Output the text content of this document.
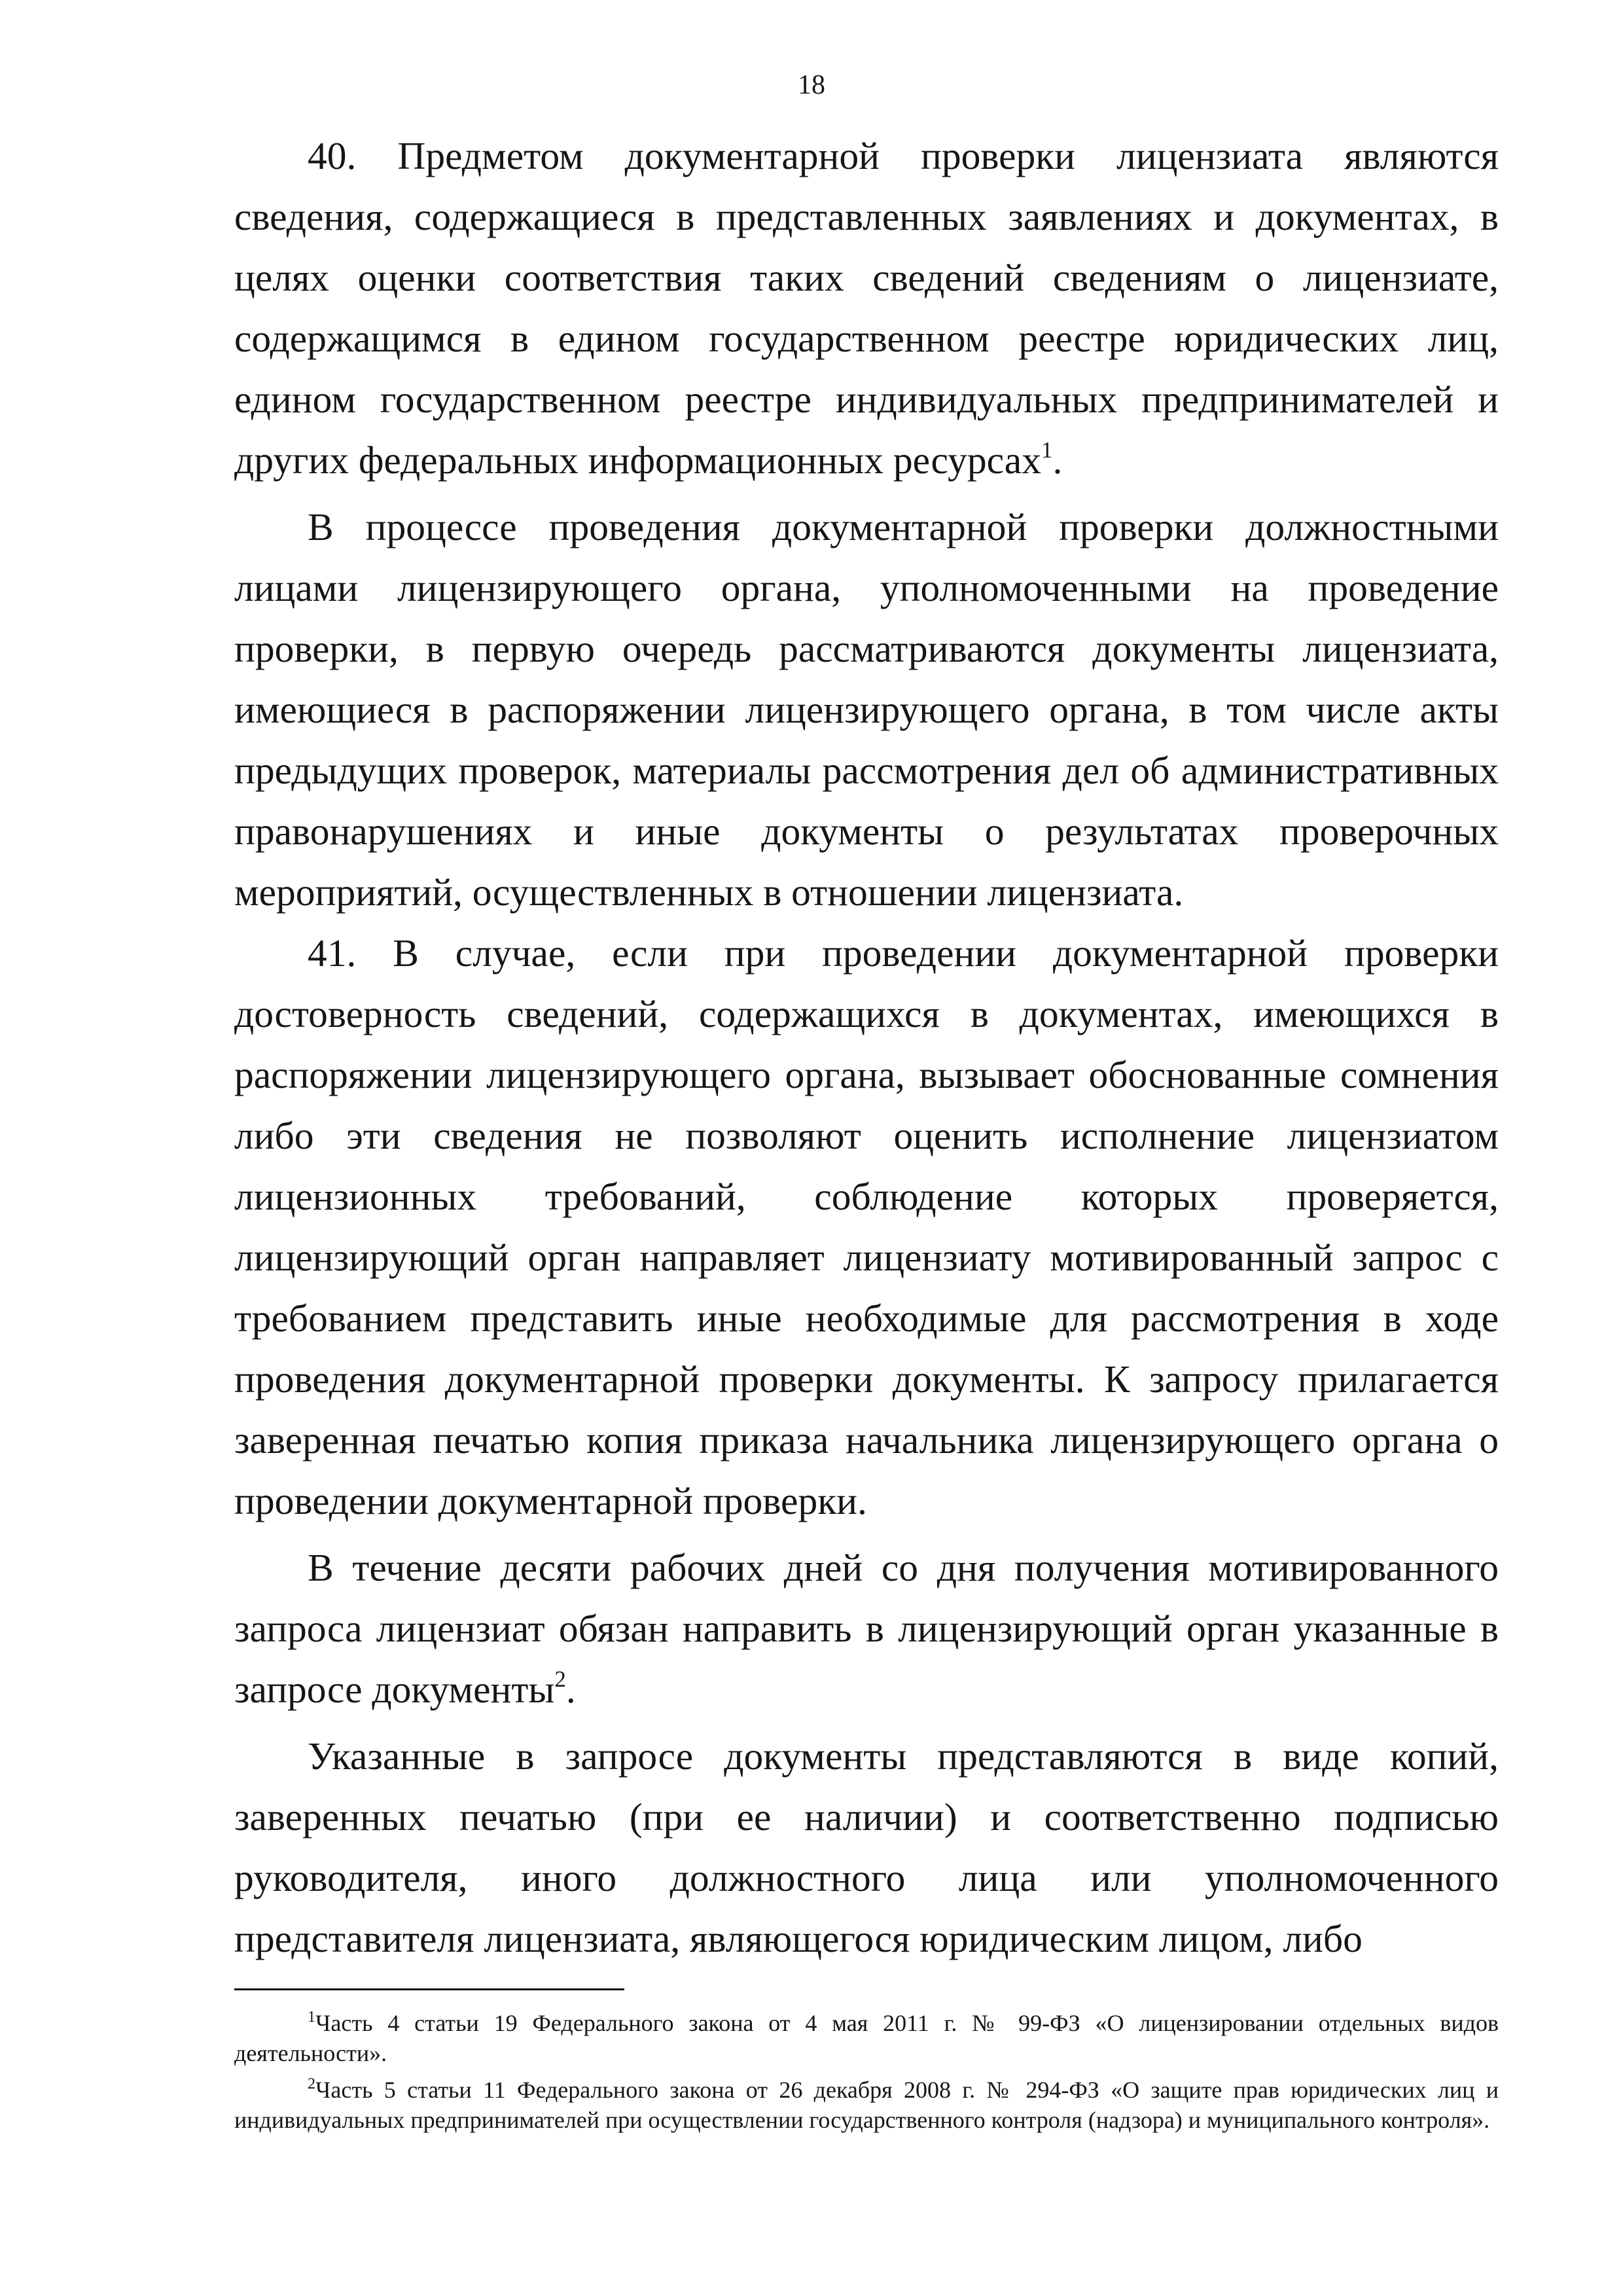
18

40. Предметом документарной проверки лицензиата являются сведения, содержащиеся в представленных заявлениях и документах, в целях оценки соответствия таких сведений сведениям о лицензиате, содержащимся в едином государственном реестре юридических лиц, едином государственном реестре индивидуальных предпринимателей и других федеральных информационных ресурсах$^1$.

В процессе проведения документарной проверки должностными лицами лицензирующего органа, уполномоченными на проведение проверки, в первую очередь рассматриваются документы лицензиата, имеющиеся в распоряжении лицензирующего органа, в том числе акты предыдущих проверок, материалы рассмотрения дел об административных правонарушениях и иные документы о результатах проверочных мероприятий, осуществленных в отношении лицензиата.

41. В случае, если при проведении документарной проверки достоверность сведений, содержащихся в документах, имеющихся в распоряжении лицензирующего органа, вызывает обоснованные сомнения либо эти сведения не позволяют оценить исполнение лицензиатом лицензионных требований, соблюдение которых проверяется, лицензирующий орган направляет лицензиату мотивированный запрос с требованием представить иные необходимые для рассмотрения в ходе проведения документарной проверки документы. К запросу прилагается заверенная печатью копия приказа начальника лицензирующего органа о проведении документарной проверки.

В течение десяти рабочих дней со дня получения мотивированного запроса лицензиат обязан направить в лицензирующий орган указанные в запросе документы$^2$.

Указанные в запросе документы представляются в виде копий, заверенных печатью (при ее наличии) и соответственно подписью руководителя, иного должностного лица или уполномоченного представителя лицензиата, являющегося юридическим лицом, либо

$^1$Часть 4 статьи 19 Федерального закона от 4 мая 2011 г. № 99-ФЗ «О лицензировании отдельных видов деятельности».

$^2$Часть 5 статьи 11 Федерального закона от 26 декабря 2008 г. № 294-ФЗ «О защите прав юридических лиц и индивидуальных предпринимателей при осуществлении государственного контроля (надзора) и муниципального контроля».
